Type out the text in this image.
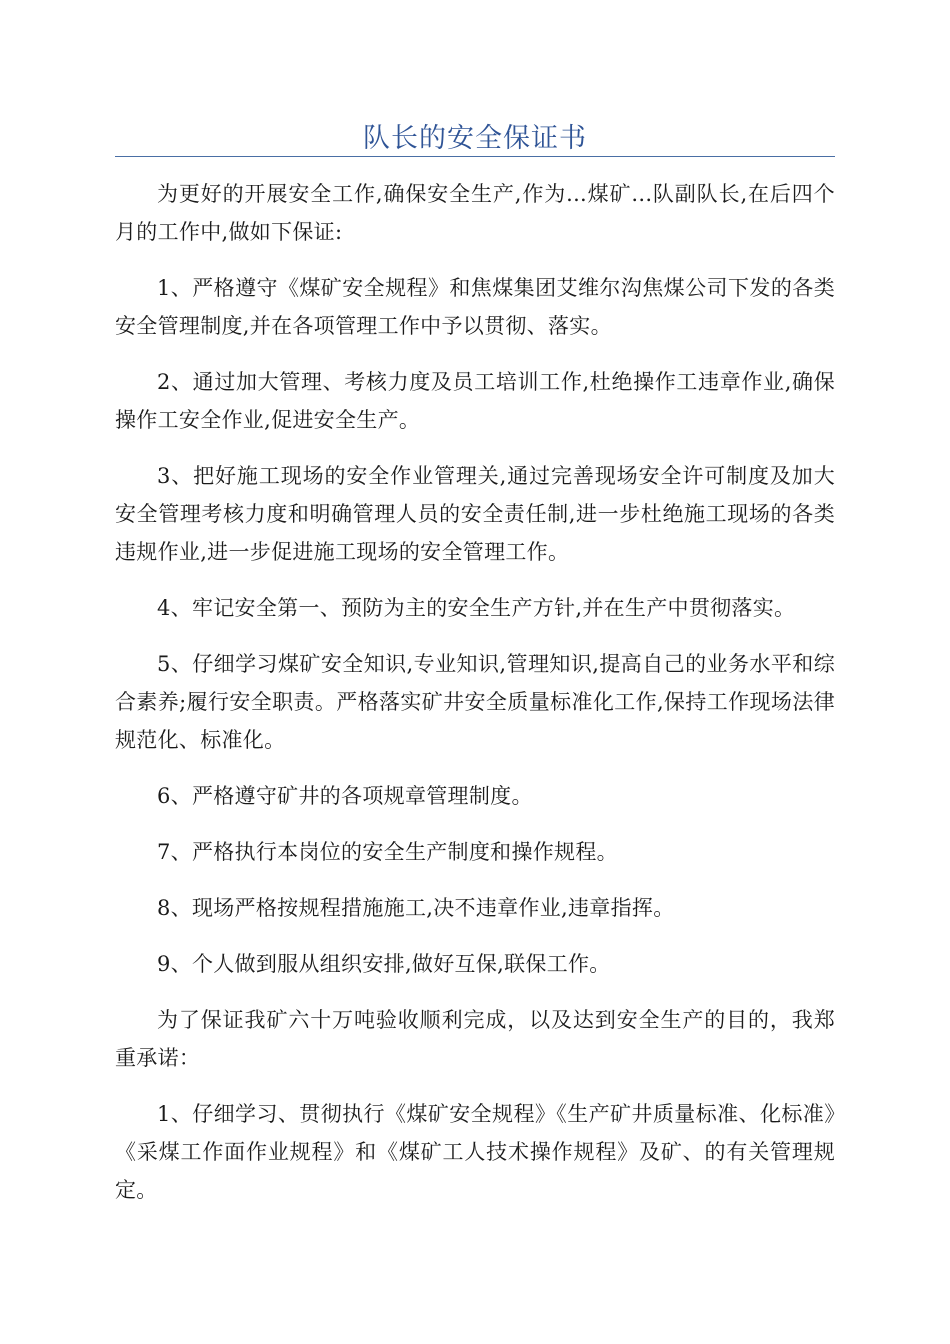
队长的安全保证书

为更好的开展安全工作,确保安全生产,作为...煤矿...队副队长,在后四个月的工作中,做如下保证:

1、严格遵守《煤矿安全规程》和焦煤集团艾维尔沟焦煤公司下发的各类安全管理制度,并在各项管理工作中予以贯彻、落实。

2、通过加大管理、考核力度及员工培训工作,杜绝操作工违章作业,确保操作工安全作业,促进安全生产。

3、把好施工现场的安全作业管理关,通过完善现场安全许可制度及加大安全管理考核力度和明确管理人员的安全责任制,进一步杜绝施工现场的各类违规作业,进一步促进施工现场的安全管理工作。

4、牢记安全第一、预防为主的安全生产方针,并在生产中贯彻落实。

5、仔细学习煤矿安全知识,专业知识,管理知识,提高自己的业务水平和综合素养;履行安全职责。严格落实矿井安全质量标准化工作,保持工作现场法律规范化、标准化。

6、严格遵守矿井的各项规章管理制度。

7、严格执行本岗位的安全生产制度和操作规程。

8、现场严格按规程措施施工,决不违章作业,违章指挥。

9、个人做到服从组织安排,做好互保,联保工作。

为了保证我矿六十万吨验收顺利完成，以及达到安全生产的目的，我郑重承诺：

1、仔细学习、贯彻执行《煤矿安全规程》《生产矿井质量标准、化标准》《采煤工作面作业规程》和《煤矿工人技术操作规程》及矿、的有关管理规定。
